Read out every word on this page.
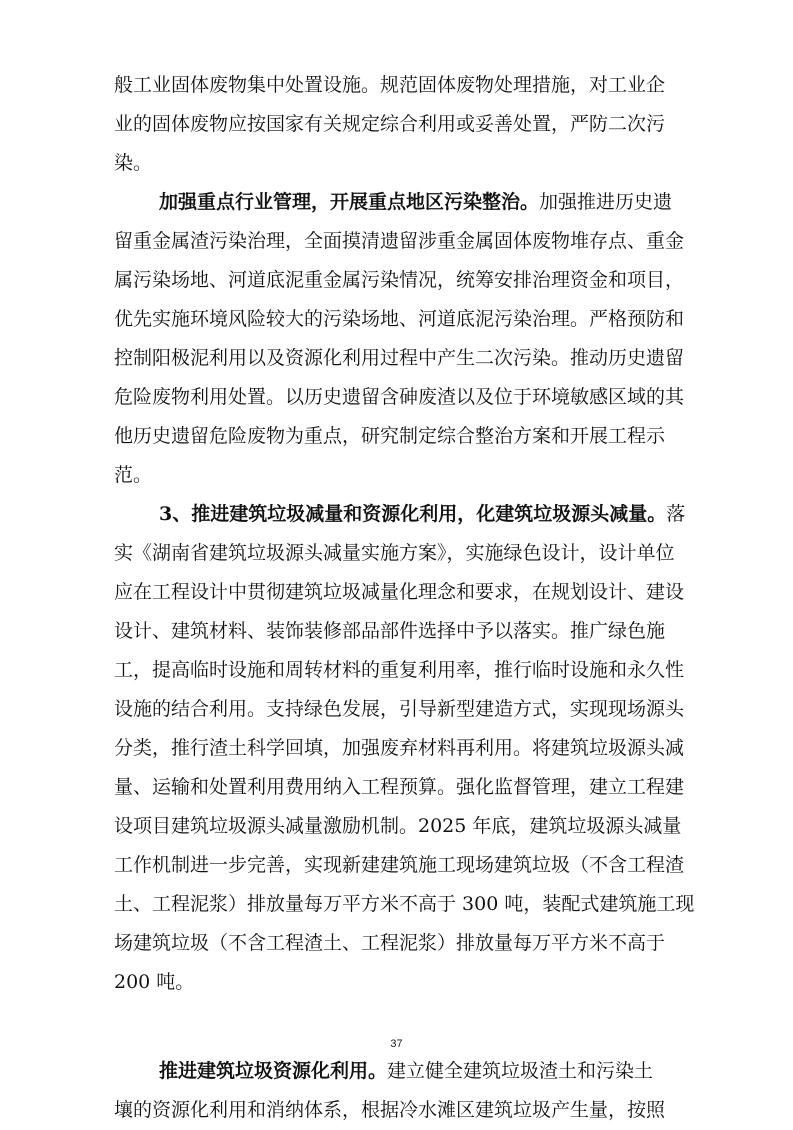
般工业固体废物集中处置设施。规范固体废物处理措施，对工业企
业的固体废物应按国家有关规定综合利用或妥善处置，严防二次污
染。
加强重点行业管理，开展重点地区污染整治。加强推进历史遗
留重金属渣污染治理，全面摸清遗留涉重金属固体废物堆存点、重金
属污染场地、河道底泥重金属污染情况，统筹安排治理资金和项目，
优先实施环境风险较大的污染场地、河道底泥污染治理。严格预防和
控制阳极泥利用以及资源化利用过程中产生二次污染。推动历史遗留
危险废物利用处置。以历史遗留含砷废渣以及位于环境敏感区域的其
他历史遗留危险废物为重点，研究制定综合整治方案和开展工程示
范。
3、推进建筑垃圾减量和资源化利用，化建筑垃圾源头减量。落
实《湖南省建筑垃圾源头减量实施方案》，实施绿色设计，设计单位
应在工程设计中贯彻建筑垃圾减量化理念和要求，在规划设计、建设
设计、建筑材料、装饰装修部品部件选择中予以落实。推广绿色施
工，提高临时设施和周转材料的重复利用率，推行临时设施和永久性
设施的结合利用。支持绿色发展，引导新型建造方式，实现现场源头
分类，推行渣土科学回填，加强废弃材料再利用。将建筑垃圾源头减
量、运输和处置利用费用纳入工程预算。强化监督管理，建立工程建
设项目建筑垃圾源头减量激励机制。2025 年底，建筑垃圾源头减量
工作机制进一步完善，实现新建建筑施工现场建筑垃圾（不含工程渣
土、工程泥浆）排放量每万平方米不高于 300 吨，装配式建筑施工现
场建筑垃圾（不含工程渣土、工程泥浆）排放量每万平方米不高于
200 吨。
推进建筑垃圾资源化利用。建立健全建筑垃圾渣土和污染土
壤的资源化利用和消纳体系，根据冷水滩区建筑垃圾产生量，按照
37
